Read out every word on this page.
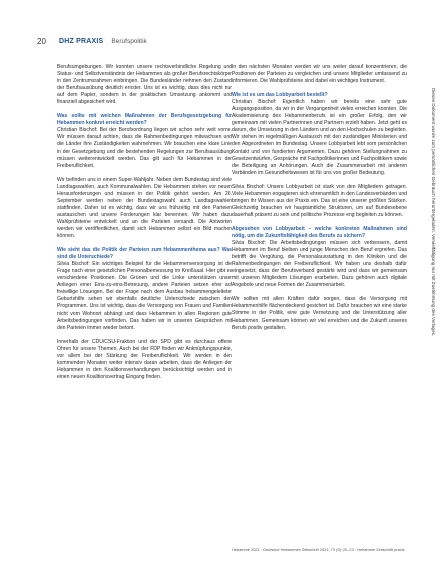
20	DHZ PRAXIS Berufspolitik

Berufsumgebungen. Wir konnten unsere rechtsverbindliche Regelung und Status- und Selbstverständnis der Hebammen als großer Berufsrechtskörper in den Zentrumsrahmen einbringen. Die Bundesländer nehmen den Zustand der Berufsausübung deutlich ernster. Uns ist es wichtig, dass dies nicht nur auf dem Papier, sondern in der praktischen Umsetzung ankommt und finanziell abgesichert wird.

Was sollte mit welchen Maßnahmen der Berufsgesetzgebung für Hebammen konkret erreicht werden?

Christian Bischof: Bei der Berufsordnung liegen wir schon sehr weit vorne. Wir müssen darauf achten, dass die Rahmenbedingungen mitwachsen und die Länder ihre Zuständigkeiten wahrnehmen. Wir brauchen eine klare Linie in der Gesetzgebung und die bestehenden Regelungen zur Berufsausübung müssen weiterentwickelt werden. Das gilt auch für Hebammen in der Freiberuflichkeit.

Wir befinden uns in einem Super-Wahljahr. Neben dem Bundestag sind viele Landtagswahlen, auch Kommunalwahlen. Die Hebammen stehen vor neuen Herausforderungen und müssen in der Politik gehört werden. Am 26. September werden neben der Bundestagswahl auch Landtagswahlen stattfinden. Daher ist es wichtig, dass wir uns frühzeitig mit den Parteien austauschen und unsere Forderungen klar benennen. Wir haben dazu Wahlprüfsteine entwickelt und an die Parteien versandt. Die Antworten werden wir veröffentlichen, damit sich Hebammen selbst ein Bild machen können.

Wie sieht das die Politik der Parteien zum Hebammenthema aus? Was sind die Unterschiede?

Silvia Bischof: Ein wichtiges Beispiel für die Hebammenversorgung ist die Frage nach einer gesetzlichen Personalbemessung im Kreißsaal. Hier gibt es verschiedene Positionen. Die Grünen und die Linke unterstützen unser Anliegen einer Eins-zu-eins-Betreuung, andere Parteien setzen eher auf freiwillige Lösungen. Bei der Frage nach dem Ausbau hebammengeleiteter Geburtshilfe sehen wir ebenfalls deutliche Unterschiede zwischen den Programmen. Uns ist wichtig, dass die Versorgung von Frauen und Familien nicht vom Wohnort abhängt und dass Hebammen in allen Regionen gute Arbeitsbedingungen vorfinden. Das haben wir in unseren Gesprächen mit den Parteien immer wieder betont.

Innerhalb der CDU/CSU-Fraktion und der SPD gibt es durchaus offene Ohren für unsere Themen. Auch bei der FDP finden wir Anknüpfungspunkte, vor allem bei der Stärkung der Freiberuflichkeit. Wir werden in den kommenden Monaten weiter intensiv daran arbeiten, dass die Anliegen der Hebammen in den Koalitionsverhandlungen berücksichtigt werden und in einen neuen Koalitionsvertrag Eingang finden.

In den nächsten Monaten werden wir uns weiter darauf konzentrieren, die Positionen der Parteien zu vergleichen und unsere Mitglieder umfassend zu informieren. Die Wahlprüfsteine sind dabei ein wichtiges Instrument.

Wie ist es um das Lobbyarbeit bestellt?

Christian Bischof: Eigentlich haben wir bereits eine sehr gute Ausgangsposition, da wir in der Vergangenheit vieles erreichen konnten. Die Akademisierung des Hebammenberufs ist ein großer Erfolg, den wir gemeinsam mit vielen Partnerinnen und Partnern erzielt haben. Jetzt geht es darum, die Umsetzung in den Ländern und an den Hochschulen zu begleiten. Wir stehen im regelmäßigen Austausch mit den zuständigen Ministerien und den Abgeordneten im Bundestag. Unsere Lobbyarbeit lebt vom persönlichen Kontakt und von fundierten Argumenten. Dazu gehören Stellungnahmen zu Gesetzentwürfen, Gespräche mit Fachpolitikerinnen und Fachpolitikern sowie die Beteiligung an Anhörungen. Auch die Zusammenarbeit mit anderen Verbänden im Gesundheitswesen ist für uns von großer Bedeutung.

Silvia Bischof: Unsere Lobbyarbeit ist stark von den Mitgliedern getragen. Viele Hebammen engagieren sich ehrenamtlich in den Landesverbänden und bringen ihr Wissen aus der Praxis ein. Das ist eine unserer größten Stärken. Gleichzeitig brauchen wir hauptamtliche Strukturen, um auf Bundesebene dauerhaft präsent zu sein und politische Prozesse eng begleiten zu können.

Abgesehen von Lobbyarbeit – welche konkreten Maßnahmen sind nötig, um die Zukunftsfähigkeit des Berufs zu sichern?

Silvia Bischof: Die Arbeitsbedingungen müssen sich verbessern, damit Hebammen im Beruf bleiben und junge Menschen den Beruf ergreifen. Das betrifft die Vergütung, die Personalausstattung in den Kliniken und die Rahmenbedingungen der Freiberuflichkeit. Wir haben uns deshalb dafür eingesetzt, dass der Berufsverband gestärkt wird und dass wir gemeinsam mit unseren Mitgliedern Lösungen erarbeiten. Dazu gehören auch digitale Angebote und neue Formen der Zusammenarbeit.

Wir sollten mit allen Kräften dafür sorgen, dass die Versorgung mit Hebammenhilfe flächendeckend gesichert ist. Dafür brauchen wir eine starke Stimme in der Politik, eine gute Vernetzung und die Unterstützung aller Hebammen. Gemeinsam können wir viel erreichen und die Zukunft unseres Berufs positiv gestalten.	Dieses Dokument wurde zum persönlichen Gebrauch heruntergeladen. Vervielfältigung nur mit Zustimmung des Verlages.
Hebamme 2021 · Deutsche Hebammen Zeitschrift 2021; 73 (9): 20–23 · Hebamme Zeitschrift praxis
